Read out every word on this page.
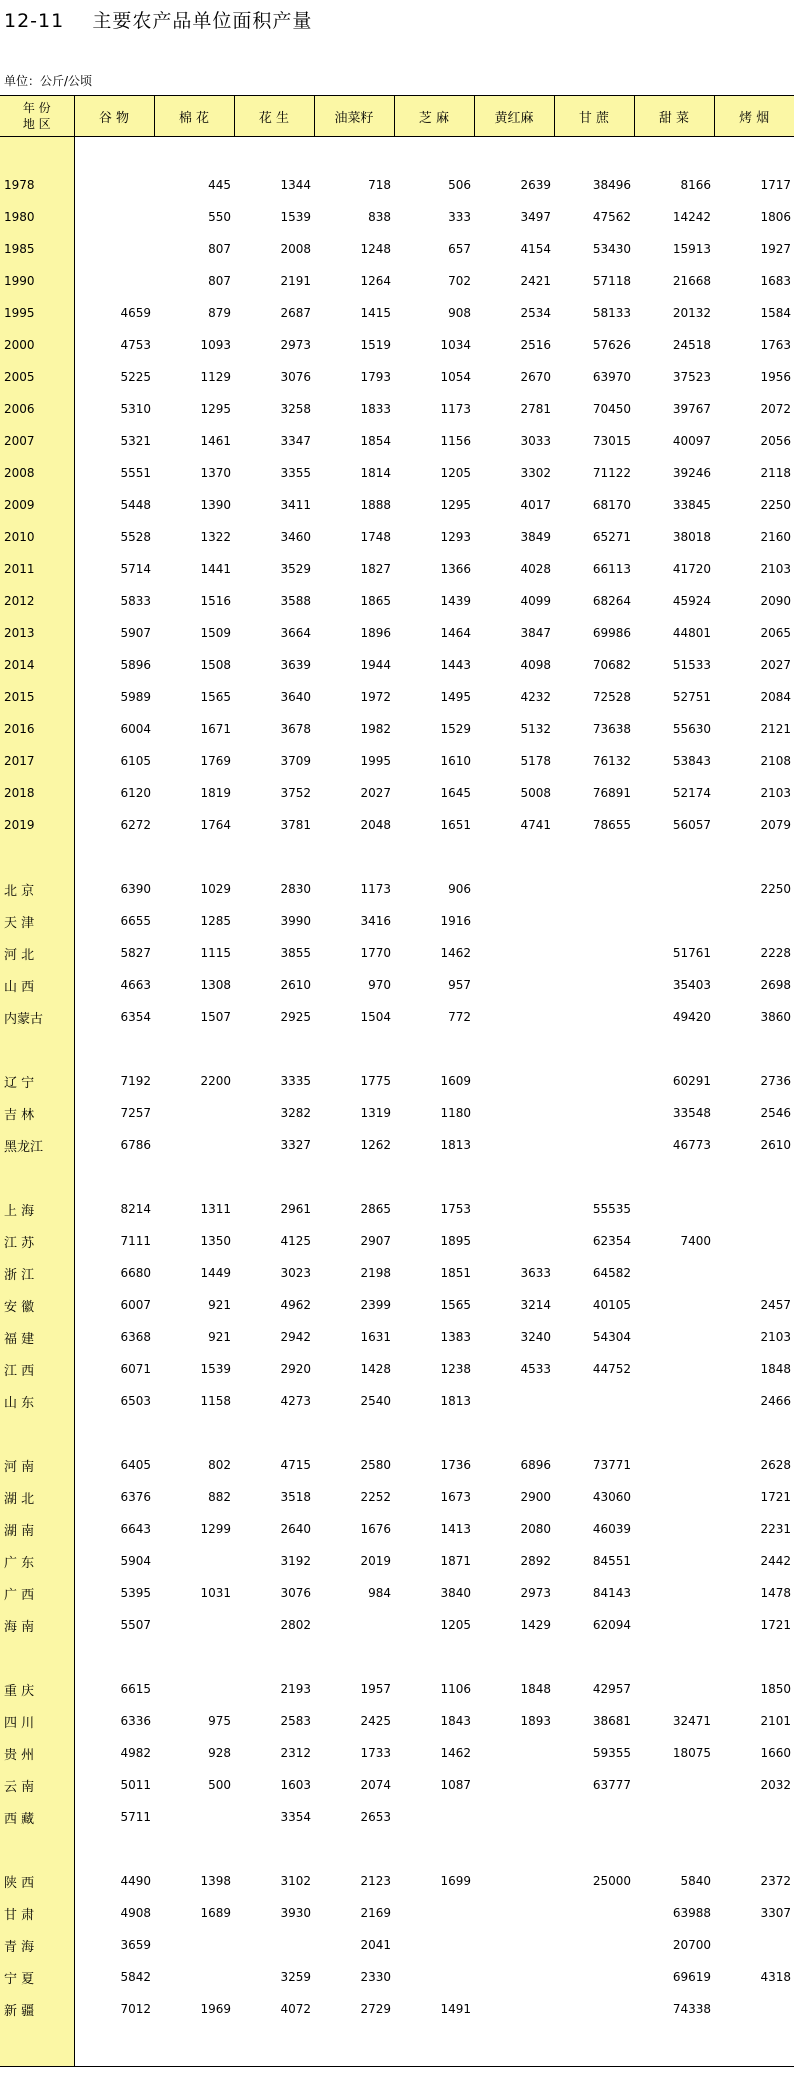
12-11    主要农产品单位面积产量
单位：公斤/公顷
年 份
地 区	谷 物	棉 花	花 生	油菜籽	芝 麻	黄红麻	甘 蔗	甜 菜	烤 烟

1978		445	1344	718	506	2639	38496	8166	1717
1980		550	1539	838	333	3497	47562	14242	1806
1985		807	2008	1248	657	4154	53430	15913	1927
1990		807	2191	1264	702	2421	57118	21668	1683
1995	4659	879	2687	1415	908	2534	58133	20132	1584
2000	4753	1093	2973	1519	1034	2516	57626	24518	1763
2005	5225	1129	3076	1793	1054	2670	63970	37523	1956
2006	5310	1295	3258	1833	1173	2781	70450	39767	2072
2007	5321	1461	3347	1854	1156	3033	73015	40097	2056
2008	5551	1370	3355	1814	1205	3302	71122	39246	2118
2009	5448	1390	3411	1888	1295	4017	68170	33845	2250
2010	5528	1322	3460	1748	1293	3849	65271	38018	2160
2011	5714	1441	3529	1827	1366	4028	66113	41720	2103
2012	5833	1516	3588	1865	1439	4099	68264	45924	2090
2013	5907	1509	3664	1896	1464	3847	69986	44801	2065
2014	5896	1508	3639	1944	1443	4098	70682	51533	2027
2015	5989	1565	3640	1972	1495	4232	72528	52751	2084
2016	6004	1671	3678	1982	1529	5132	73638	55630	2121
2017	6105	1769	3709	1995	1610	5178	76132	53843	2108
2018	6120	1819	3752	2027	1645	5008	76891	52174	2103
2019	6272	1764	3781	2048	1651	4741	78655	56057	2079

北 京	6390	1029	2830	1173	906				2250
天 津	6655	1285	3990	3416	1916				
河 北	5827	1115	3855	1770	1462			51761	2228
山 西	4663	1308	2610	970	957			35403	2698
内蒙古	6354	1507	2925	1504	772			49420	3860

辽 宁	7192	2200	3335	1775	1609			60291	2736
吉 林	7257		3282	1319	1180			33548	2546
黑龙江	6786		3327	1262	1813			46773	2610

上 海	8214	1311	2961	2865	1753		55535		
江 苏	7111	1350	4125	2907	1895		62354	7400	
浙 江	6680	1449	3023	2198	1851	3633	64582		
安 徽	6007	921	4962	2399	1565	3214	40105		2457
福 建	6368	921	2942	1631	1383	3240	54304		2103
江 西	6071	1539	2920	1428	1238	4533	44752		1848
山 东	6503	1158	4273	2540	1813				2466

河 南	6405	802	4715	2580	1736	6896	73771		2628
湖 北	6376	882	3518	2252	1673	2900	43060		1721
湖 南	6643	1299	2640	1676	1413	2080	46039		2231
广 东	5904		3192	2019	1871	2892	84551		2442
广 西	5395	1031	3076	984	3840	2973	84143		1478
海 南	5507		2802		1205	1429	62094		1721

重 庆	6615		2193	1957	1106	1848	42957		1850
四 川	6336	975	2583	2425	1843	1893	38681	32471	2101
贵 州	4982	928	2312	1733	1462		59355	18075	1660
云 南	5011	500	1603	2074	1087		63777		2032
西 藏	5711		3354	2653					

陕 西	4490	1398	3102	2123	1699		25000	5840	2372
甘 肃	4908	1689	3930	2169				63988	3307
青 海	3659			2041				20700	
宁 夏	5842		3259	2330				69619	4318
新 疆	7012	1969	4072	2729	1491			74338	
